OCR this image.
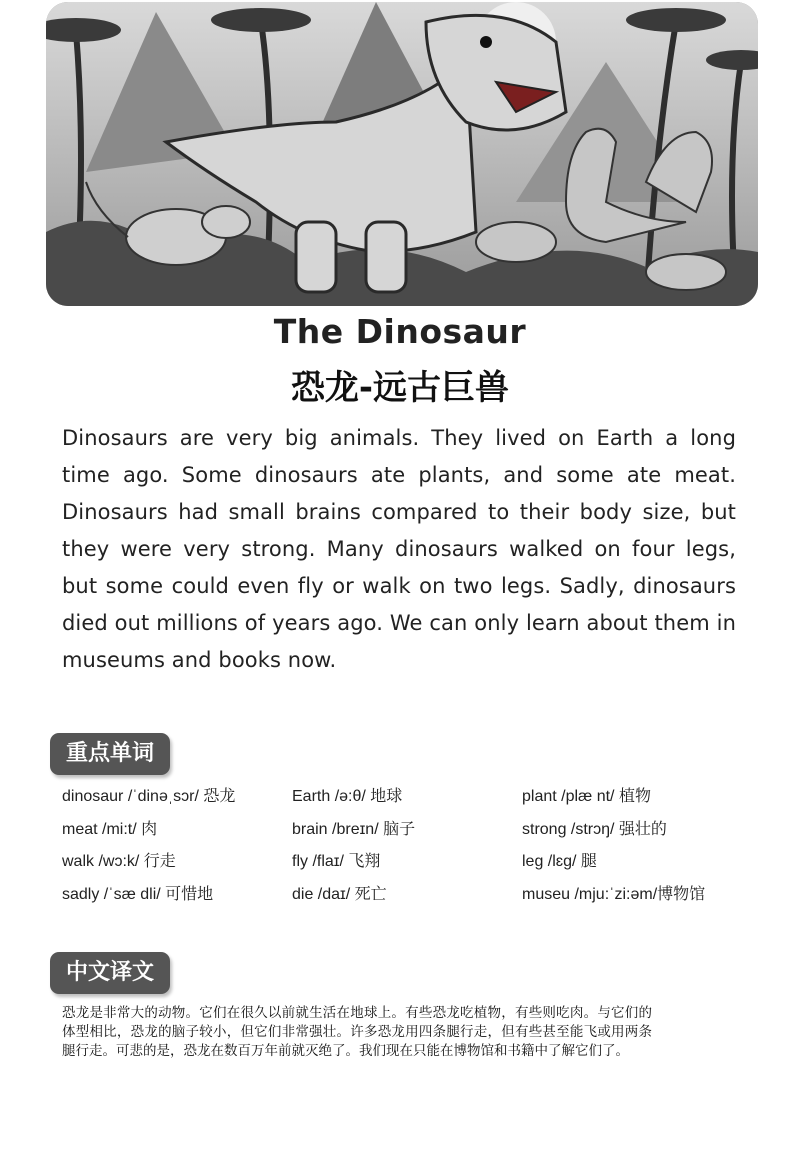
The Dinosaur
恐龙-远古巨兽

Dinosaurs are very big animals. They lived on Earth a long time ago. Some dinosaurs ate plants, and some ate meat. Dinosaurs had small brains compared to their body size, but they were very strong. Many dinosaurs walked on four legs, but some could even fly or walk on two legs. Sadly, dinosaurs died out millions of years ago. We can only learn about them in museums and books now.

重点单词
dinosaur /ˈdinəˌsɔr/ 恐龙	Earth /ə:θ/ 地球	plant /plæ nt/ 植物
meat /mi:t/ 肉	brain /breɪn/ 脑子	strong /strɔŋ/ 强壮的
walk /wɔ:k/ 行走	fly /flaɪ/ 飞翔	leg /lɛg/ 腿
sadly /ˈsæ dli/ 可惜地	die /daɪ/ 死亡	museu /mju:ˈzi:əm/博物馆
中文译文

恐龙是非常大的动物。它们在很久以前就生活在地球上。有些恐龙吃植物，有些则吃肉。与它们的体型相比，恐龙的脑子较小，但它们非常强壮。许多恐龙用四条腿行走，但有些甚至能飞或用两条腿行走。可悲的是，恐龙在数百万年前就灭绝了。我们现在只能在博物馆和书籍中了解它们了。
